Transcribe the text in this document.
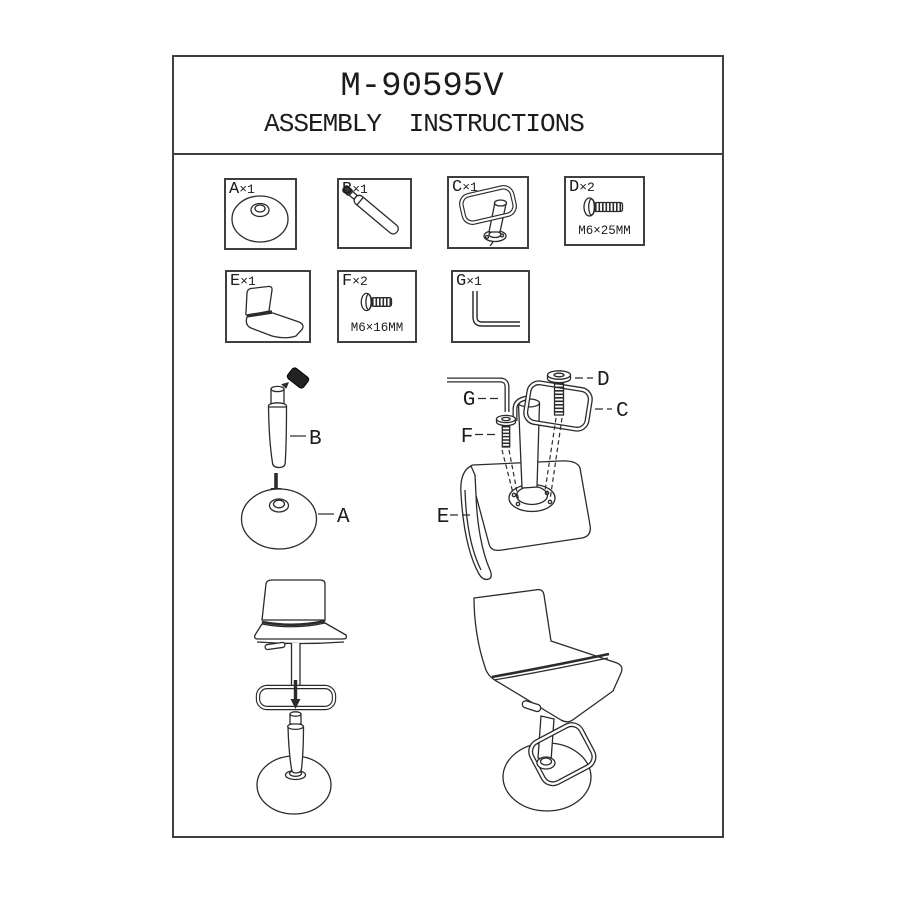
M-90595V
ASSEMBLY INSTRUCTIONS
A ×1	B ×1	C ×1	D ×2
M6×25MM
E ×1	F ×2
M6×16MM
G ×1
B
A
G
D
C
F
E
